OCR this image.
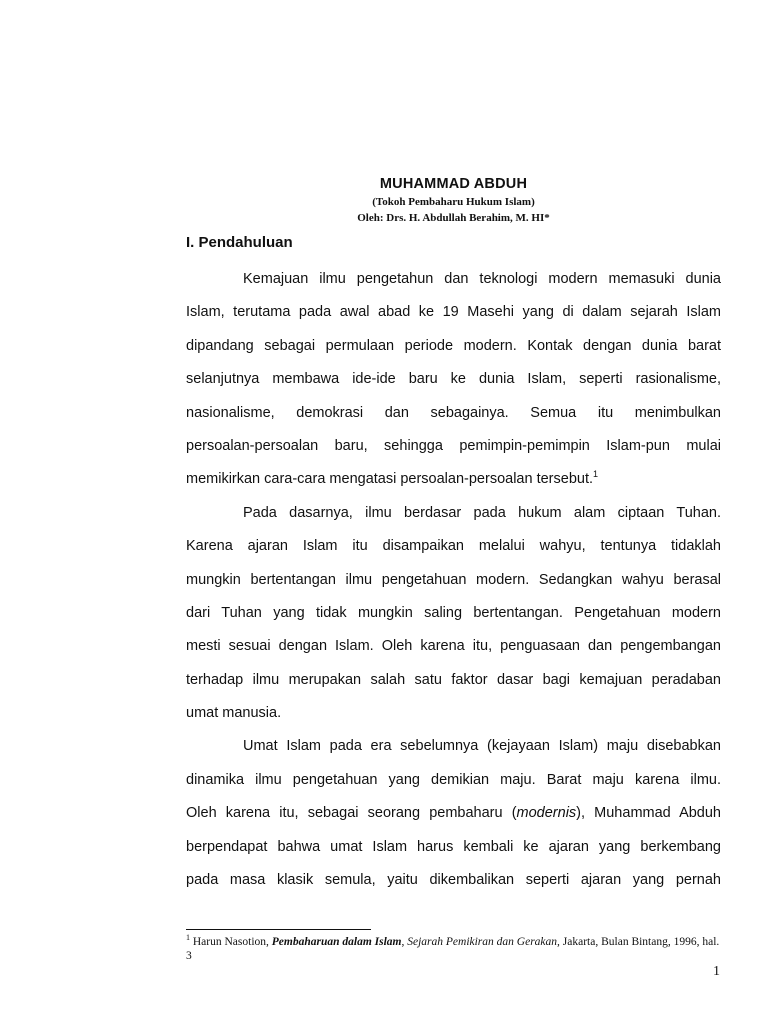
MUHAMMAD ABDUH

(Tokoh Pembaharu Hukum Islam)

Oleh: Drs. H. Abdullah Berahim, M. HI*

I. Pendahuluan

Kemajuan ilmu pengetahun dan teknologi modern memasuki dunia
Islam, terutama pada awal abad ke 19 Masehi yang di dalam sejarah Islam
dipandang sebagai permulaan periode modern. Kontak dengan dunia barat
selanjutnya membawa ide-ide baru ke dunia Islam, seperti rasionalisme,
nasionalisme, demokrasi dan sebagainya. Semua itu menimbulkan
persoalan-persoalan baru, sehingga pemimpin-pemimpin Islam-pun mulai
memikirkan cara-cara mengatasi persoalan-persoalan tersebut.$^1$
Pada dasarnya, ilmu berdasar pada hukum alam ciptaan Tuhan.
Karena ajaran Islam itu disampaikan melalui wahyu, tentunya tidaklah
mungkin bertentangan ilmu pengetahuan modern. Sedangkan wahyu berasal
dari Tuhan yang tidak mungkin saling bertentangan. Pengetahuan modern
mesti sesuai dengan Islam. Oleh karena itu, penguasaan dan pengembangan
terhadap ilmu merupakan salah satu faktor dasar bagi kemajuan peradaban
umat manusia.
Umat Islam pada era sebelumnya (kejayaan Islam) maju disebabkan
dinamika ilmu pengetahuan yang demikian maju. Barat maju karena ilmu.
Oleh karena itu, sebagai seorang pembaharu (modernis), Muhammad Abduh
berpendapat bahwa umat Islam harus kembali ke ajaran yang berkembang
pada masa klasik semula, yaitu dikembalikan seperti ajaran yang pernah
$^1$ Harun Nasotion, Pembaharuan dalam Islam, Sejarah Pemikiran dan Gerakan, Jakarta, Bulan Bintang, 1996, hal. 3
1
